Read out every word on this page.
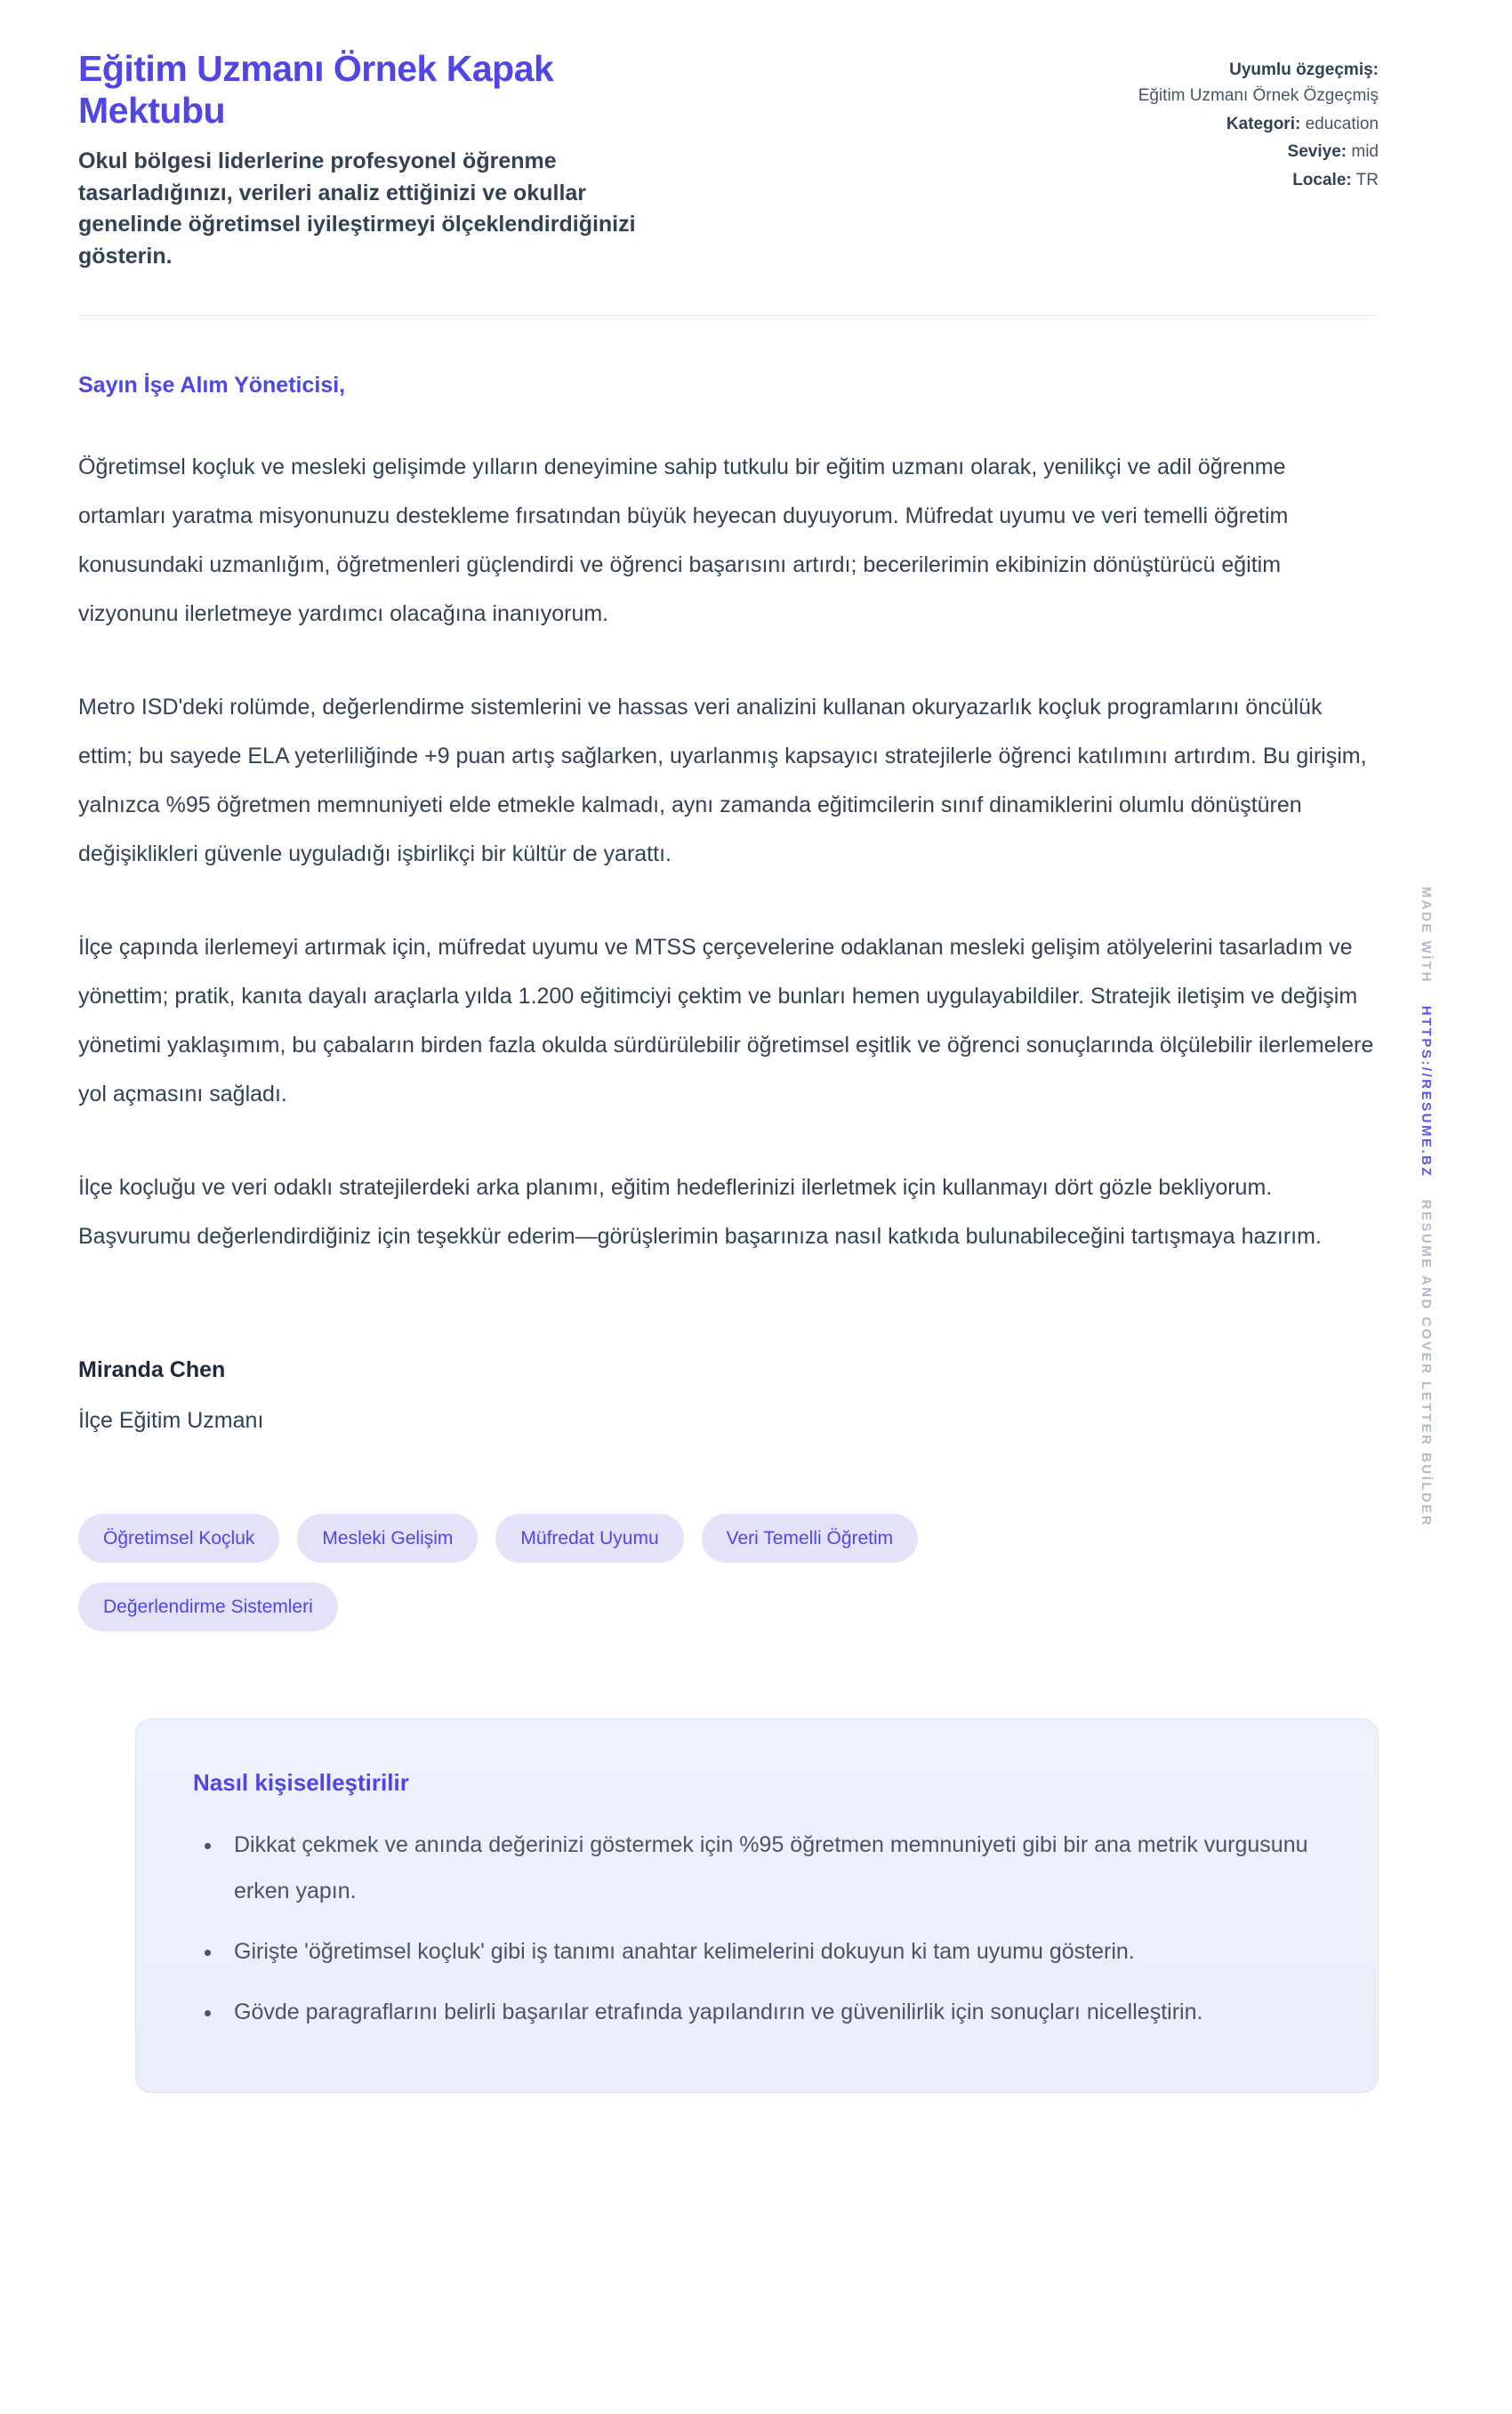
Eğitim Uzmanı Örnek Kapak Mektubu
Okul bölgesi liderlerine profesyonel öğrenme tasarladığınızı, verileri analiz ettiğinizi ve okullar genelinde öğretimsel iyileştirmeyi ölçeklendirdiğinizi gösterin.
Uyumlu özgeçmiş:
Eğitim Uzmanı Örnek Özgeçmiş
Kategori: education
Seviye: mid
Locale: TR
Sayın İşe Alım Yöneticisi,

Öğretimsel koçluk ve mesleki gelişimde yılların deneyimine sahip tutkulu bir eğitim uzmanı olarak, yenilikçi ve adil öğrenme ortamları yaratma misyonunuzu destekleme fırsatından büyük heyecan duyuyorum. Müfredat uyumu ve veri temelli öğretim konusundaki uzmanlığım, öğretmenleri güçlendirdi ve öğrenci başarısını artırdı; becerilerimin ekibinizin dönüştürücü eğitim vizyonunu ilerletmeye yardımcı olacağına inanıyorum.

Metro ISD'deki rolümde, değerlendirme sistemlerini ve hassas veri analizini kullanan okuryazarlık koçluk programlarını öncülük ettim; bu sayede ELA yeterliliğinde +9 puan artış sağlarken, uyarlanmış kapsayıcı stratejilerle öğrenci katılımını artırdım. Bu girişim, yalnızca %95 öğretmen memnuniyeti elde etmekle kalmadı, aynı zamanda eğitimcilerin sınıf dinamiklerini olumlu dönüştüren değişiklikleri güvenle uyguladığı işbirlikçi bir kültür de yarattı.

İlçe çapında ilerlemeyi artırmak için, müfredat uyumu ve MTSS çerçevelerine odaklanan mesleki gelişim atölyelerini tasarladım ve yönettim; pratik, kanıta dayalı araçlarla yılda 1.200 eğitimciyi çektim ve bunları hemen uygulayabildiler. Stratejik iletişim ve değişim yönetimi yaklaşımım, bu çabaların birden fazla okulda sürdürülebilir öğretimsel eşitlik ve öğrenci sonuçlarında ölçülebilir ilerlemelere yol açmasını sağladı.

İlçe koçluğu ve veri odaklı stratejilerdeki arka planımı, eğitim hedeflerinizi ilerletmek için kullanmayı dört gözle bekliyorum. Başvurumu değerlendirdiğiniz için teşekkür ederim—görüşlerimin başarınıza nasıl katkıda bulunabileceğini tartışmaya hazırım.

Miranda Chen
İlçe Eğitim Uzmanı
Öğretimsel Koçluk	Mesleki Gelişim	Müfredat Uyumu	Veri Temelli Öğretim
Değerlendirme Sistemleri
Nasıl kişiselleştirilir
• Dikkat çekmek ve anında değerinizi göstermek için %95 öğretmen memnuniyeti gibi bir ana metrik vurgusunu erken yapın.
• Girişte 'öğretimsel koçluk' gibi iş tanımı anahtar kelimelerini dokuyun ki tam uyumu gösterin.
• Gövde paragraflarını belirli başarılar etrafında yapılandırın ve güvenilirlik için sonuçları nicelleştirin.
MADE WİTH HTTPS://RESUME.BZ RESUME AND COVER LETTER BUİLDER
